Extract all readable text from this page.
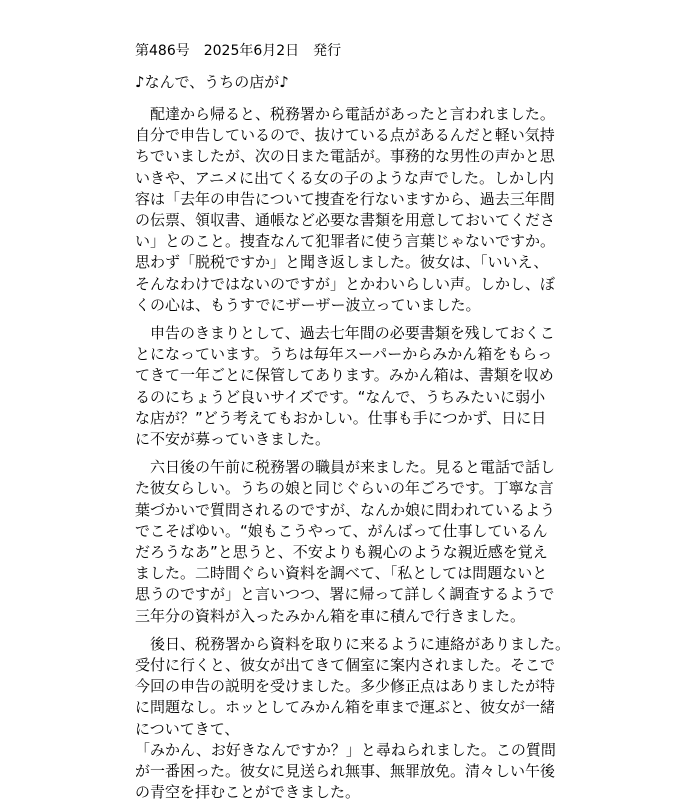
第486号　2025年6月2日　発行
♪なんで、うちの店が♪
　配達から帰ると、税務署から電話があったと言われました。
自分で申告しているので、抜けている点があるんだと軽い気持
ちでいましたが、次の日また電話が。事務的な男性の声かと思
いきや、アニメに出てくる女の子のような声でした。しかし内
容は「去年の申告について捜査を行ないますから、過去三年間
の伝票、領収書、通帳など必要な書類を用意しておいてくださ
い」とのこと。捜査なんて犯罪者に使う言葉じゃないですか。
思わず「脱税ですか」と聞き返しました。彼女は、「いいえ、
そんなわけではないのですが」とかわいらしい声。しかし、ぼ
くの心は、もうすでにザーザー波立っていました。
　申告のきまりとして、過去七年間の必要書類を残しておくこ
とになっています。うちは毎年スーパーからみかん箱をもらっ
てきて一年ごとに保管してあります。みかん箱は、書類を収め
るのにちょうど良いサイズです。“なんで、うちみたいに弱小
な店が？”どう考えてもおかしい。仕事も手につかず、日に日
に不安が募っていきました。
　六日後の午前に税務署の職員が来ました。見ると電話で話し
た彼女らしい。うちの娘と同じぐらいの年ごろです。丁寧な言
葉づかいで質問されるのですが、なんか娘に問われているよう
でこそばゆい。“娘もこうやって、がんばって仕事しているん
だろうなあ”と思うと、不安よりも親心のような親近感を覚え
ました。二時間ぐらい資料を調べて、「私としては問題ないと
思うのですが」と言いつつ、署に帰って詳しく調査するようで
三年分の資料が入ったみかん箱を車に積んで行きました。
　後日、税務署から資料を取りに来るように連絡がありました。
受付に行くと、彼女が出てきて個室に案内されました。そこで
今回の申告の説明を受けました。多少修正点はありましたが特
に問題なし。ホッとしてみかん箱を車まで運ぶと、彼女が一緒
についてきて、
「みかん、お好きなんですか？」と尋ねられました。この質問
が一番困った。彼女に見送られ無事、無罪放免。清々しい午後
の青空を拝むことができました。
